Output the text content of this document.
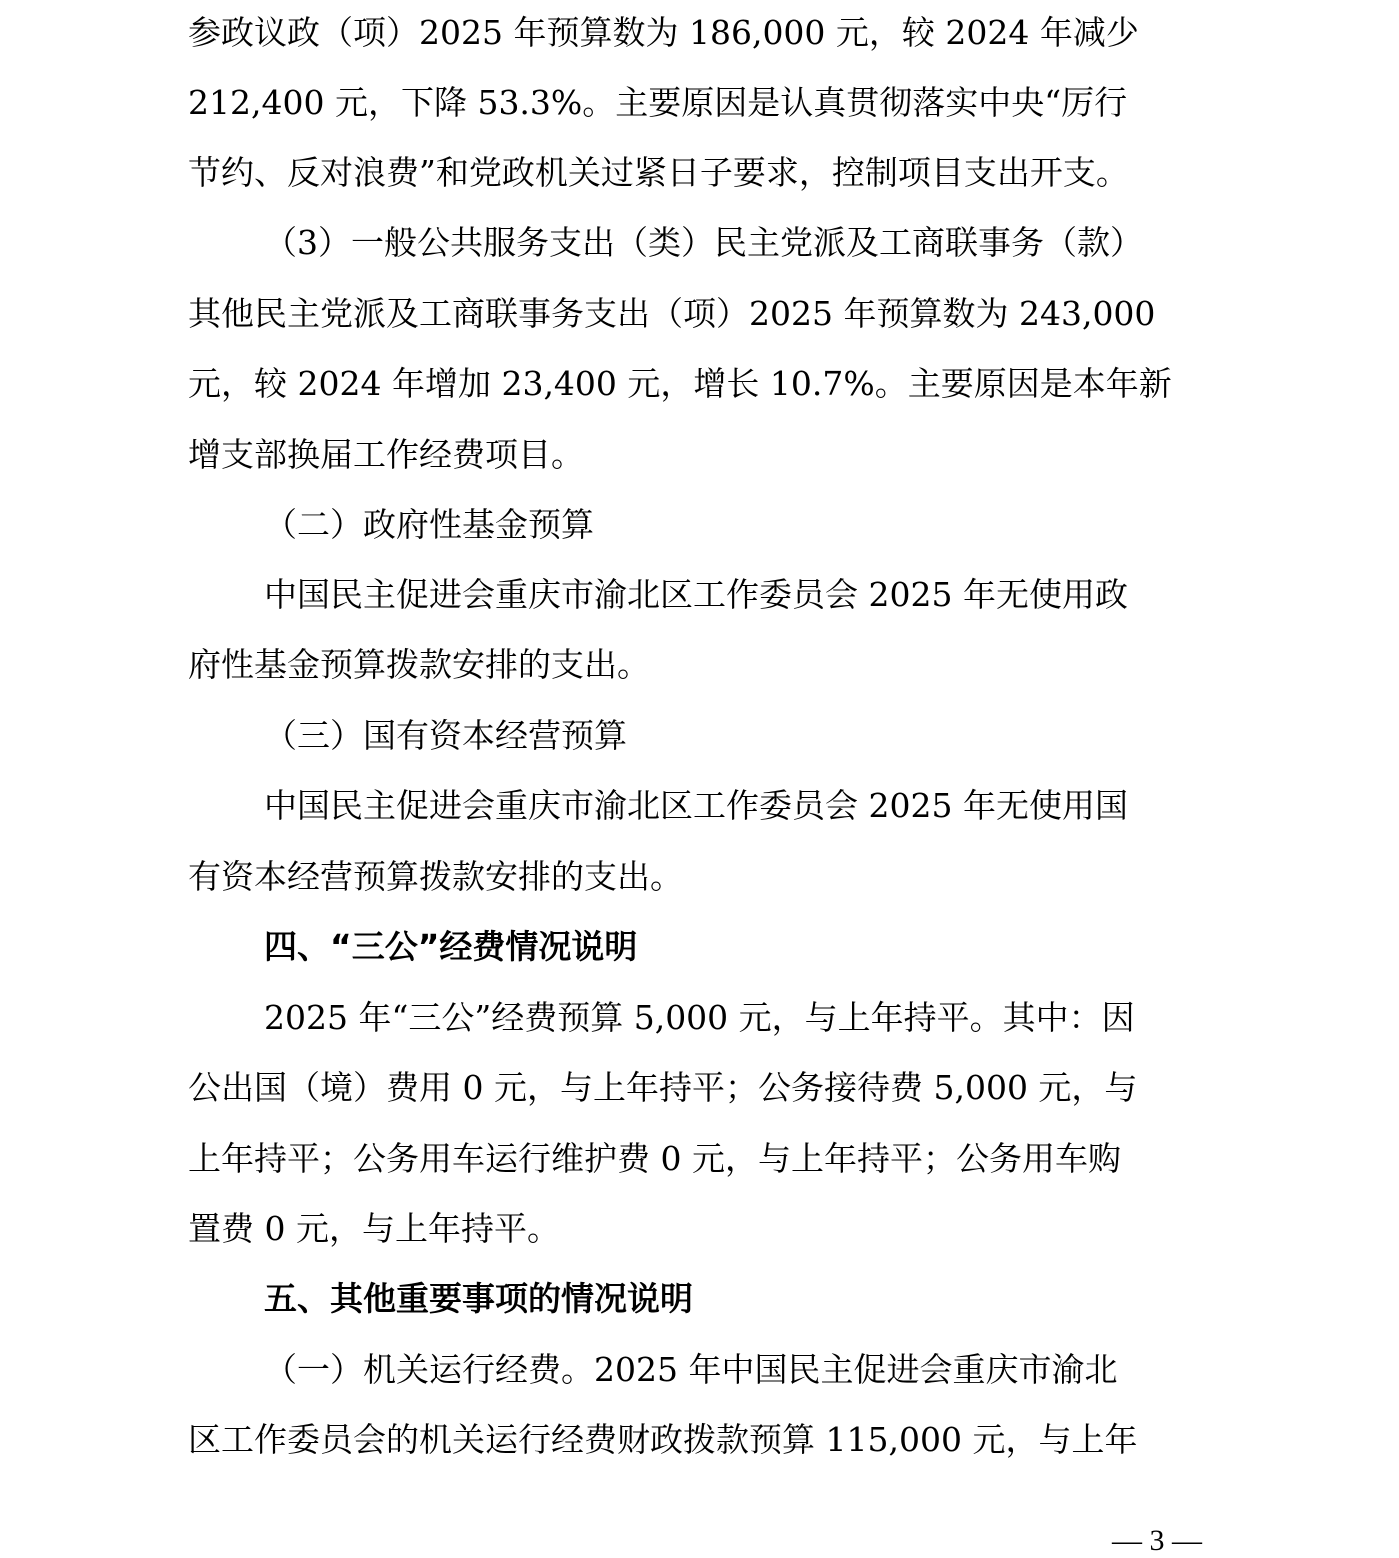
参政议政（项）2025 年预算数为 186,000 元，较 2024 年减少
212,400 元，下降 53.3%。主要原因是认真贯彻落实中央“厉行
节约、反对浪费”和党政机关过紧日子要求，控制项目支出开支。
（3）一般公共服务支出（类）民主党派及工商联事务（款）
其他民主党派及工商联事务支出（项）2025 年预算数为 243,000
元，较 2024 年增加 23,400 元，增长 10.7%。主要原因是本年新
增支部换届工作经费项目。
（二）政府性基金预算
中国民主促进会重庆市渝北区工作委员会 2025 年无使用政
府性基金预算拨款安排的支出。
（三）国有资本经营预算
中国民主促进会重庆市渝北区工作委员会 2025 年无使用国
有资本经营预算拨款安排的支出。
四、“三公”经费情况说明
2025 年“三公”经费预算 5,000 元，与上年持平。其中：因
公出国（境）费用 0 元，与上年持平；公务接待费 5,000 元，与
上年持平；公务用车运行维护费 0 元，与上年持平；公务用车购
置费 0 元，与上年持平。
五、其他重要事项的情况说明
（一）机关运行经费。2025 年中国民主促进会重庆市渝北
区工作委员会的机关运行经费财政拨款预算 115,000 元，与上年
— 3 —
